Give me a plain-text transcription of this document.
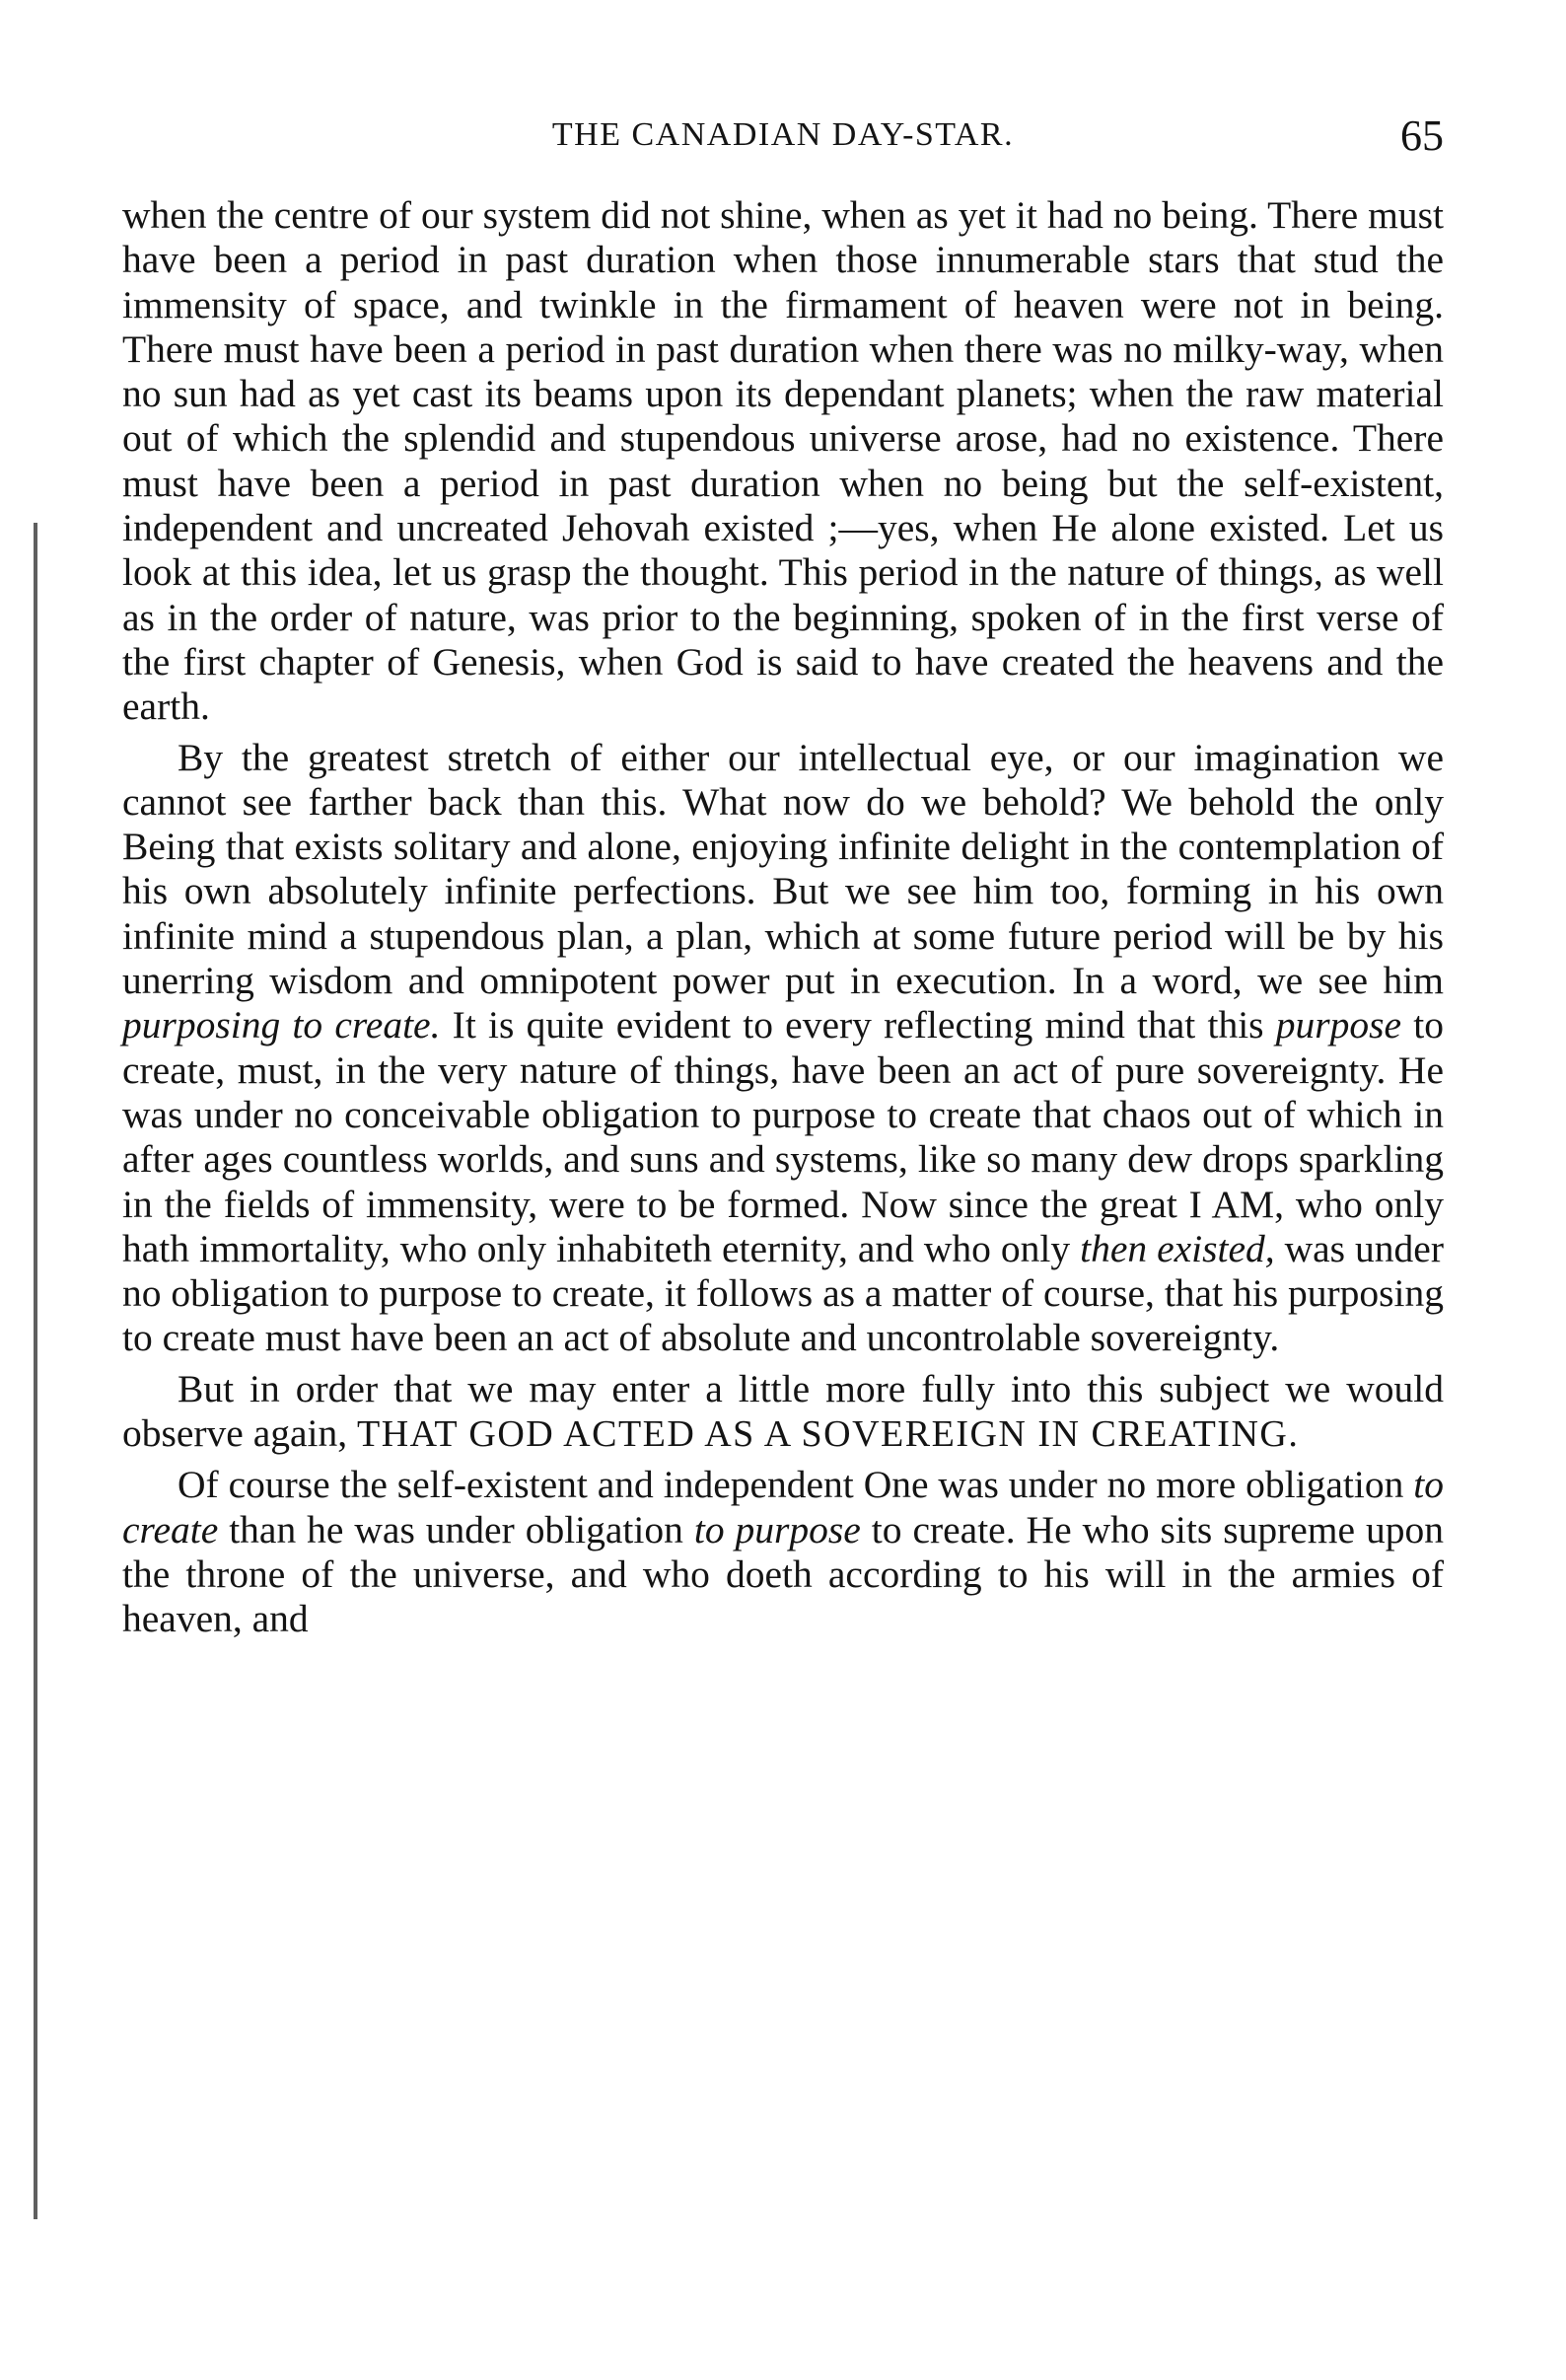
THE CANADIAN DAY-STAR.	65

when the centre of our system did not shine, when as yet it had no being. There must have been a period in past duration when those innumerable stars that stud the immensity of space, and twinkle in the firmament of heaven were not in being. There must have been a period in past duration when there was no milky-way, when no sun had as yet cast its beams upon its dependant planets; when the raw material out of which the splendid and stupendous universe arose, had no existence. There must have been a period in past duration when no being but the self-existent, independent and uncreated Jehovah existed ;—yes, when He alone existed. Let us look at this idea, let us grasp the thought. This period in the nature of things, as well as in the order of nature, was prior to the beginning, spoken of in the first verse of the first chapter of Genesis, when God is said to have created the heavens and the earth.

By the greatest stretch of either our intellectual eye, or our imagination we cannot see farther back than this. What now do we behold? We behold the only Being that exists solitary and alone, enjoying infinite delight in the contemplation of his own absolutely infinite perfections. But we see him too, forming in his own infinite mind a stupendous plan, a plan, which at some future period will be by his unerring wisdom and omnipotent power put in execution. In a word, we see him purposing to create. It is quite evident to every reflecting mind that this purpose to create, must, in the very nature of things, have been an act of pure sovereignty. He was under no conceivable obligation to purpose to create that chaos out of which in after ages countless worlds, and suns and systems, like so many dew drops sparkling in the fields of immensity, were to be formed. Now since the great I AM, who only hath immortality, who only inhabiteth eternity, and who only then existed, was under no obligation to purpose to create, it follows as a matter of course, that his purposing to create must have been an act of absolute and uncontrolable sovereignty.

But in order that we may enter a little more fully into this subject we would observe again, THAT GOD ACTED AS A SOVEREIGN IN CREATING.

Of course the self-existent and independent One was under no more obligation to create than he was under obligation to purpose to create. He who sits supreme upon the throne of the universe, and who doeth according to his will in the armies of heaven, and
